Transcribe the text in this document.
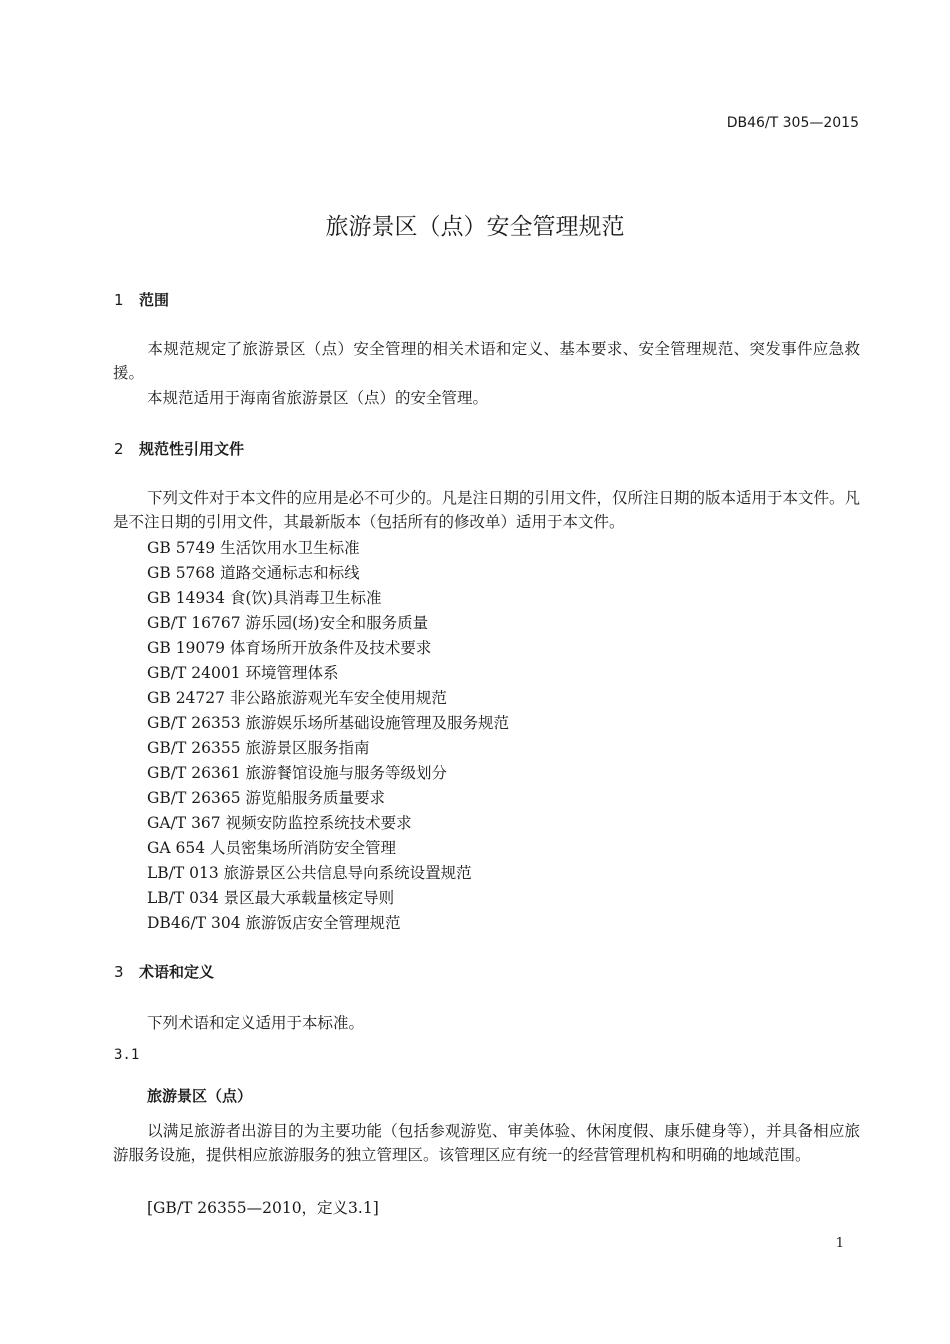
DB46/T 305—2015
旅游景区（点）安全管理规范
1 范围
本规范规定了旅游景区（点）安全管理的相关术语和定义、基本要求、安全管理规范、突发事件应急救援。
本规范适用于海南省旅游景区（点）的安全管理。
2 规范性引用文件
下列文件对于本文件的应用是必不可少的。凡是注日期的引用文件，仅所注日期的版本适用于本文件。凡是不注日期的引用文件，其最新版本（包括所有的修改单）适用于本文件。
GB 5749 生活饮用水卫生标准
GB 5768 道路交通标志和标线
GB 14934 食(饮)具消毒卫生标准
GB/T 16767 游乐园(场)安全和服务质量
GB 19079 体育场所开放条件及技术要求
GB/T 24001 环境管理体系
GB 24727 非公路旅游观光车安全使用规范
GB/T 26353 旅游娱乐场所基础设施管理及服务规范
GB/T 26355 旅游景区服务指南
GB/T 26361 旅游餐馆设施与服务等级划分
GB/T 26365 游览船服务质量要求
GA/T 367 视频安防监控系统技术要求
GA 654 人员密集场所消防安全管理
LB/T 013 旅游景区公共信息导向系统设置规范
LB/T 034 景区最大承载量核定导则
DB46/T 304 旅游饭店安全管理规范
3 术语和定义
下列术语和定义适用于本标准。
3.1
旅游景区（点）
以满足旅游者出游目的为主要功能（包括参观游览、审美体验、休闲度假、康乐健身等），并具备相应旅游服务设施，提供相应旅游服务的独立管理区。该管理区应有统一的经营管理机构和明确的地域范围。
[GB/T 26355—2010，定义3.1]
1
